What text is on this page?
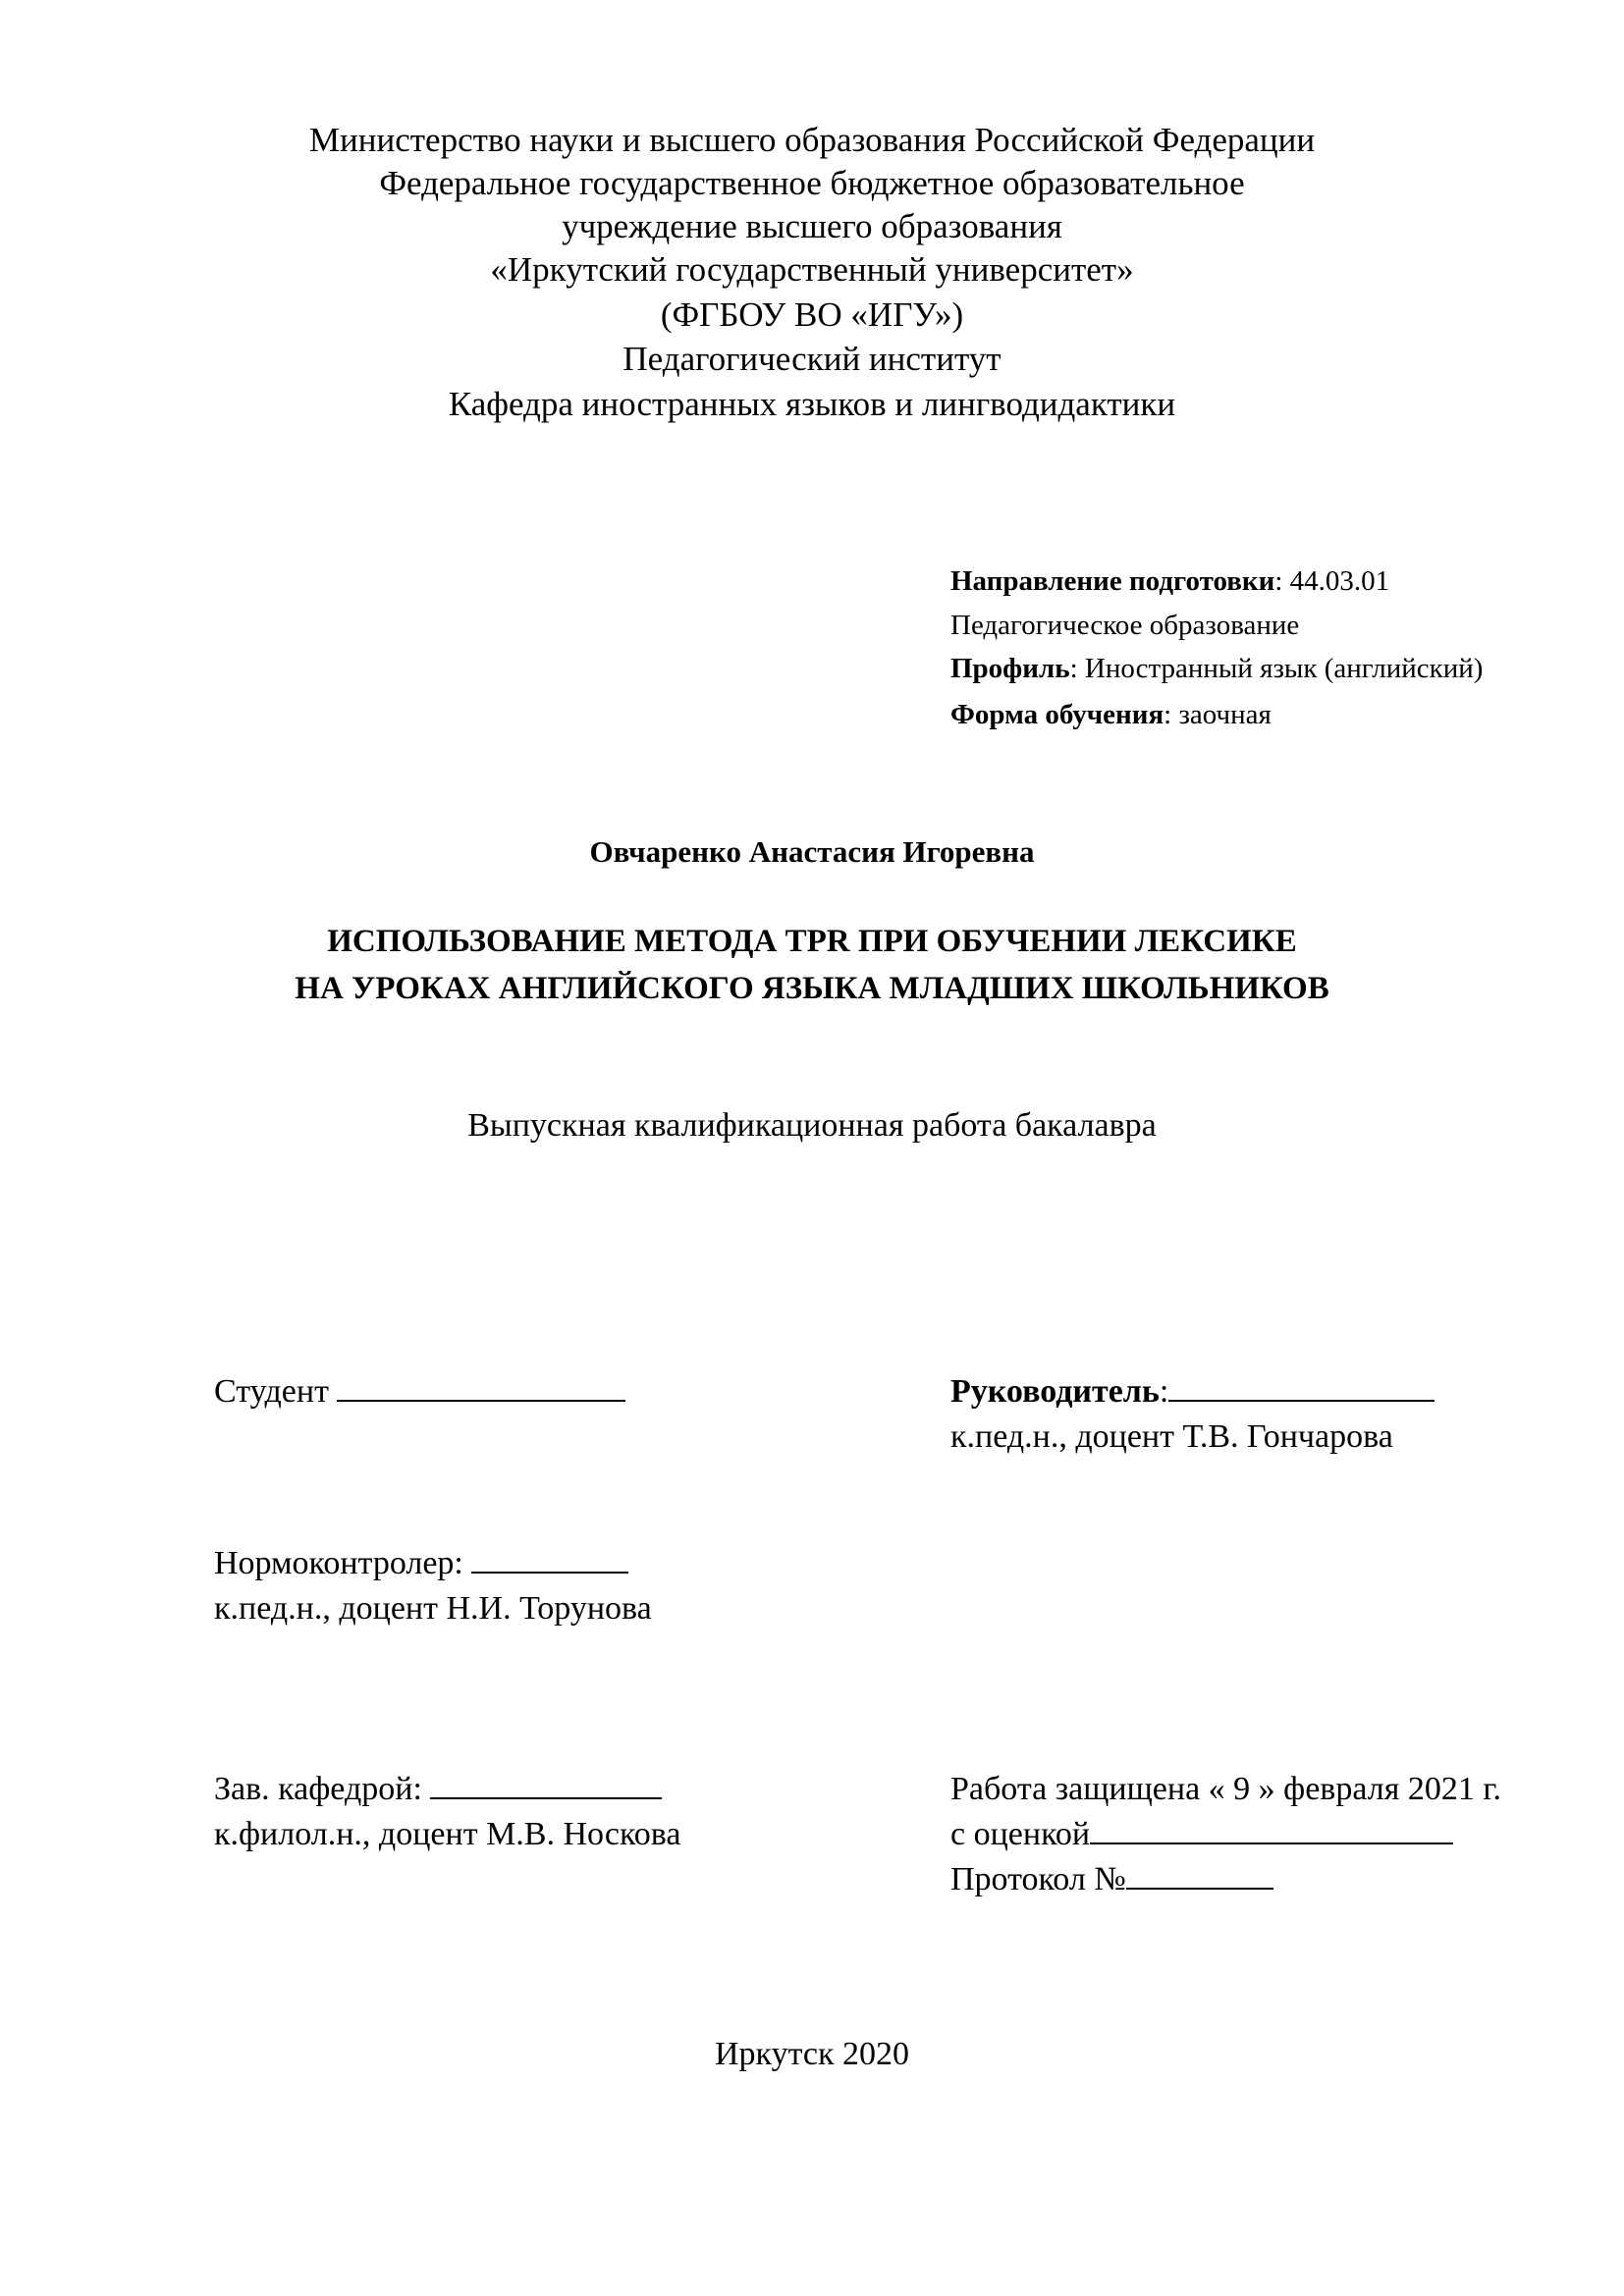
Министерство науки и высшего образования Российской Федерации
Федеральное государственное бюджетное образовательное
учреждение высшего образования
«Иркутский государственный университет»
(ФГБОУ ВО «ИГУ»)
Педагогический институт
Кафедра иностранных языков и лингводидактики
Направление подготовки: 44.03.01
Педагогическое образование
Профиль: Иностранный язык (английский)
Форма обучения: заочная
Овчаренко Анастасия Игоревна
ИСПОЛЬЗОВАНИЕ МЕТОДА TPR ПРИ ОБУЧЕНИИ ЛЕКСИКЕ
НА УРОКАХ АНГЛИЙСКОГО ЯЗЫКА МЛАДШИХ ШКОЛЬНИКОВ
Выпускная квалификационная работа бакалавра
Студент	Руководитель:
к.пед.н., доцент Т.В. Гончарова
Нормоконтролер:
к.пед.н., доцент Н.И. Торунова
Зав. кафедрой:
к.филол.н., доцент М.В. Носкова
Работа защищена « 9 » февраля 2021 г.
с оценкой
Протокол №
Иркутск 2020
